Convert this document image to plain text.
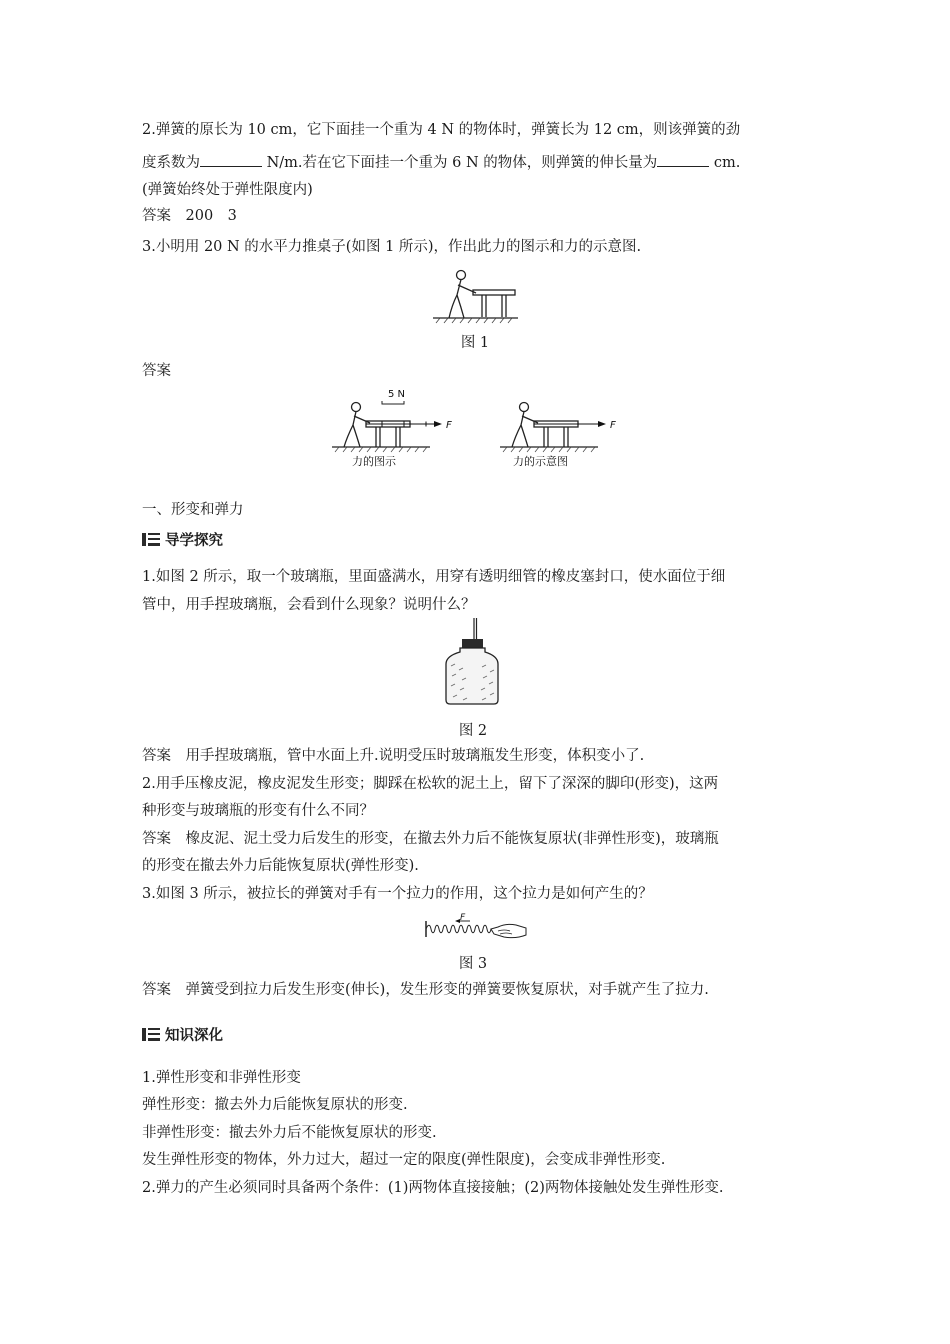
2.弹簧的原长为 10 cm，它下面挂一个重为 4 N 的物体时，弹簧长为 12 cm，则该弹簧的劲
度系数为	N/m.若在它下面挂一个重为 6 N 的物体，则弹簧的伸长量为	cm.
(弹簧始终处于弹性限度内)
答案　200　3
3.小明用 20 N 的水平力推桌子(如图 1 所示)，作出此力的图示和力的示意图.
图 1
答案
5 N
F
力的图示
F
力的示意图
一、形变和弹力
导学探究
1.如图 2 所示，取一个玻璃瓶，里面盛满水，用穿有透明细管的橡皮塞封口，使水面位于细
管中，用手捏玻璃瓶，会看到什么现象？说明什么？
图 2
答案　用手捏玻璃瓶，管中水面上升.说明受压时玻璃瓶发生形变，体积变小了.
2.用手压橡皮泥，橡皮泥发生形变；脚踩在松软的泥土上，留下了深深的脚印(形变)，这两
种形变与玻璃瓶的形变有什么不同？
答案　橡皮泥、泥土受力后发生的形变，在撤去外力后不能恢复原状(非弹性形变)，玻璃瓶
的形变在撤去外力后能恢复原状(弹性形变).
3.如图 3 所示，被拉长的弹簧对手有一个拉力的作用，这个拉力是如何产生的？
F
图 3
答案　弹簧受到拉力后发生形变(伸长)，发生形变的弹簧要恢复原状，对手就产生了拉力.
知识深化
1.弹性形变和非弹性形变
弹性形变：撤去外力后能恢复原状的形变.
非弹性形变：撤去外力后不能恢复原状的形变.
发生弹性形变的物体，外力过大，超过一定的限度(弹性限度)，会变成非弹性形变.
2.弹力的产生必须同时具备两个条件：(1)两物体直接接触；(2)两物体接触处发生弹性形变.
